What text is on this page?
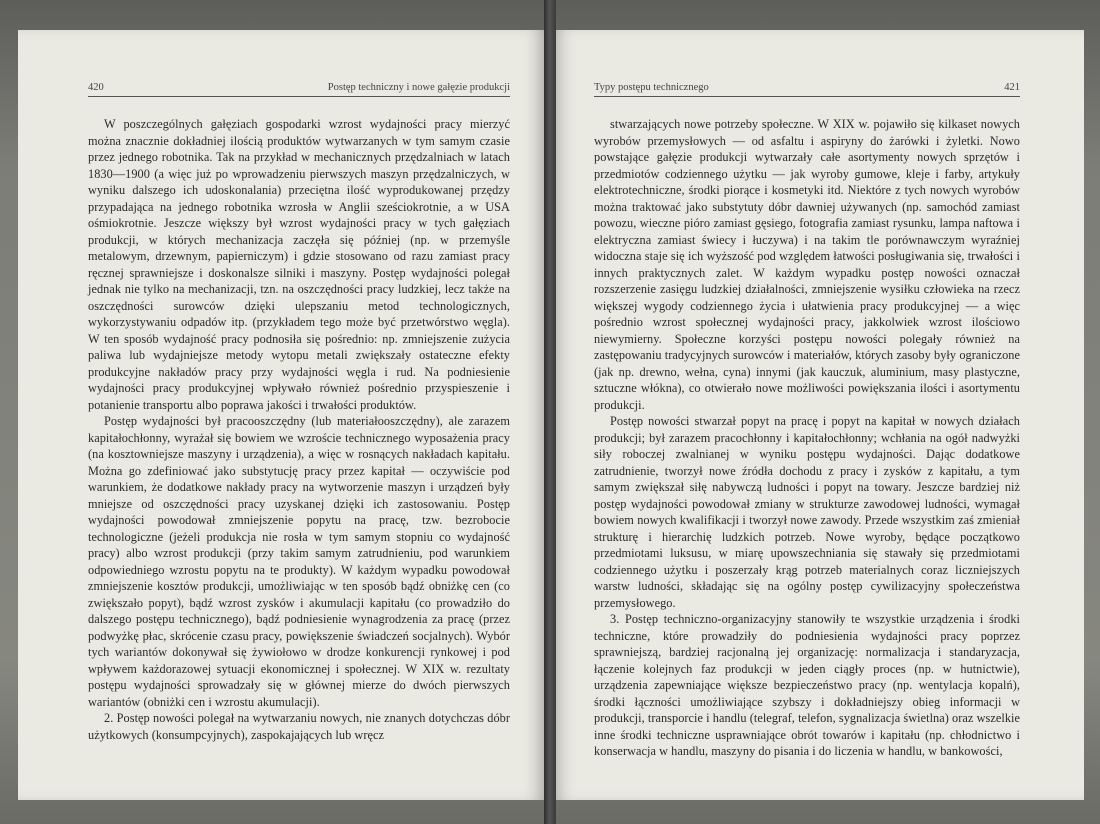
420	Postęp techniczny i nowe gałęzie produkcji

W poszczególnych gałęziach gospodarki wzrost wydajności pracy mierzyć można znacznie dokładniej ilością produktów wytwarzanych w tym samym czasie przez jednego robotnika. Tak na przykład w mechanicznych przędzalniach w latach 1830—1900 (a więc już po wprowadzeniu pierwszych maszyn przędzalniczych, w wyniku dalszego ich udoskonalania) przeciętna ilość wyprodukowanej przędzy przypadająca na jednego robotnika wzrosła w Anglii sześciokrotnie, a w USA ośmiokrotnie. Jeszcze większy był wzrost wydajności pracy w tych gałęziach produkcji, w których mechanizacja zaczęła się później (np. w przemyśle metalowym, drzewnym, papierniczym) i gdzie stosowano od razu zamiast pracy ręcznej sprawniejsze i doskonalsze silniki i maszyny. Postęp wydajności polegał jednak nie tylko na mechanizacji, tzn. na oszczędności pracy ludzkiej, lecz także na oszczędności surowców dzięki ulepszaniu metod technologicznych, wykorzystywaniu odpadów itp. (przykładem tego może być przetwórstwo węgla). W ten sposób wydajność pracy podnosiła się pośrednio: np. zmniejszenie zużycia paliwa lub wydajniejsze metody wytopu metali zwiększały ostateczne efekty produkcyjne nakładów pracy przy wydajności węgla i rud. Na podniesienie wydajności pracy produkcyjnej wpływało również pośrednio przyspieszenie i potanienie transportu albo poprawa jakości i trwałości produktów.

Postęp wydajności był pracooszczędny (lub materiałooszczędny), ale zarazem kapitałochłonny, wyrażał się bowiem we wzroście technicznego wyposażenia pracy (na kosztowniejsze maszyny i urządzenia), a więc w rosnących nakładach kapitału. Można go zdefiniować jako substytucję pracy przez kapitał — oczywiście pod warunkiem, że dodatkowe nakłady pracy na wytworzenie maszyn i urządzeń były mniejsze od oszczędności pracy uzyskanej dzięki ich zastosowaniu. Postęp wydajności powodował zmniejszenie popytu na pracę, tzw. bezrobocie technologiczne (jeżeli produkcja nie rosła w tym samym stopniu co wydajność pracy) albo wzrost produkcji (przy takim samym zatrudnieniu, pod warunkiem odpowiedniego wzrostu popytu na te produkty). W każdym wypadku powodował zmniejszenie kosztów produkcji, umożliwiając w ten sposób bądź obniżkę cen (co zwiększało popyt), bądź wzrost zysków i akumulacji kapitału (co prowadziło do dalszego postępu technicznego), bądź podniesienie wynagrodzenia za pracę (przez podwyżkę płac, skrócenie czasu pracy, powiększenie świadczeń socjalnych). Wybór tych wariantów dokonywał się żywiołowo w drodze konkurencji rynkowej i pod wpływem każdorazowej sytuacji ekonomicznej i społecznej. W XIX w. rezultaty postępu wydajności sprowadzały się w głównej mierze do dwóch pierwszych wariantów (obniżki cen i wzrostu akumulacji).

2. Postęp nowości polegał na wytwarzaniu nowych, nie znanych dotychczas dóbr użytkowych (konsumpcyjnych), zaspokajających lub wręcz

Typy postępu technicznego	421

stwarzających nowe potrzeby społeczne. W XIX w. pojawiło się kilkaset nowych wyrobów przemysłowych — od asfaltu i aspiryny do żarówki i żyletki. Nowo powstające gałęzie produkcji wytwarzały całe asortymenty nowych sprzętów i przedmiotów codziennego użytku — jak wyroby gumowe, kleje i farby, artykuły elektrotechniczne, środki piorące i kosmetyki itd. Niektóre z tych nowych wyrobów można traktować jako substytuty dóbr dawniej używanych (np. samochód zamiast powozu, wieczne pióro zamiast gęsiego, fotografia zamiast rysunku, lampa naftowa i elektryczna zamiast świecy i łuczywa) i na takim tle porównawczym wyraźniej widoczna staje się ich wyższość pod względem łatwości posługiwania się, trwałości i innych praktycznych zalet. W każdym wypadku postęp nowości oznaczał rozszerzenie zasięgu ludzkiej działalności, zmniejszenie wysiłku człowieka na rzecz większej wygody codziennego życia i ułatwienia pracy produkcyjnej — a więc pośrednio wzrost społecznej wydajności pracy, jakkolwiek wzrost ilościowo niewymierny. Społeczne korzyści postępu nowości polegały również na zastępowaniu tradycyjnych surowców i materiałów, których zasoby były ograniczone (jak np. drewno, wełna, cyna) innymi (jak kauczuk, aluminium, masy plastyczne, sztuczne włókna), co otwierało nowe możliwości powiększania ilości i asortymentu produkcji.

Postęp nowości stwarzał popyt na pracę i popyt na kapitał w nowych działach produkcji; był zarazem pracochłonny i kapitałochłonny; wchłania na ogół nadwyżki siły roboczej zwalnianej w wyniku postępu wydajności. Dając dodatkowe zatrudnienie, tworzył nowe źródła dochodu z pracy i zysków z kapitału, a tym samym zwiększał siłę nabywczą ludności i popyt na towary. Jeszcze bardziej niż postęp wydajności powodował zmiany w strukturze zawodowej ludności, wymagał bowiem nowych kwalifikacji i tworzył nowe zawody. Przede wszystkim zaś zmieniał strukturę i hierarchię ludzkich potrzeb. Nowe wyroby, będące początkowo przedmiotami luksusu, w miarę upowszechniania się stawały się przedmiotami codziennego użytku i poszerzały krąg potrzeb materialnych coraz liczniejszych warstw ludności, składając się na ogólny postęp cywilizacyjny społeczeństwa przemysłowego.

3. Postęp techniczno-organizacyjny stanowiły te wszystkie urządzenia i środki techniczne, które prowadziły do podniesienia wydajności pracy poprzez sprawniejszą, bardziej racjonalną jej organizację: normalizacja i standaryzacja, łączenie kolejnych faz produkcji w jeden ciągły proces (np. w hutnictwie), urządzenia zapewniające większe bezpieczeństwo pracy (np. wentylacja kopalń), środki łączności umożliwiające szybszy i dokładniejszy obieg informacji w produkcji, transporcie i handlu (telegraf, telefon, sygnalizacja świetlna) oraz wszelkie inne środki techniczne usprawniające obrót towarów i kapitału (np. chłodnictwo i konserwacja w handlu, maszyny do pisania i do liczenia w handlu, w bankowości,
